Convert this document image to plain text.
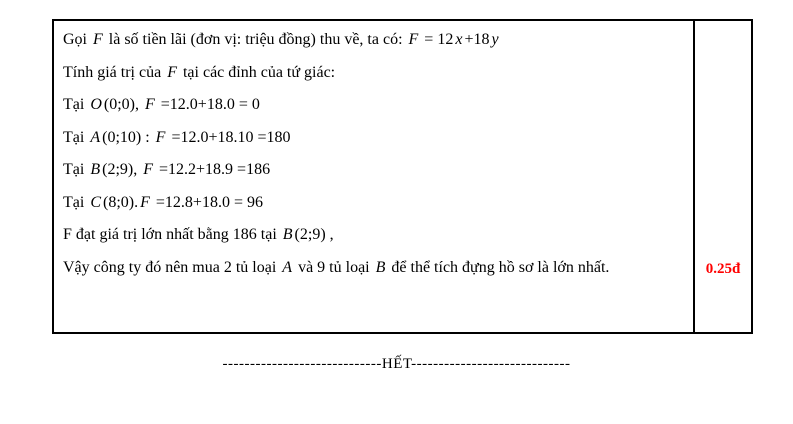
Gọi F là số tiền lãi (đơn vị: triệu đồng) thu về, ta có: F = 12 x +18 y
Tính giá trị của F tại các đỉnh của tứ giác:
Tại O (0;0), F =12.0+18.0 = 0
Tại A (0;10) : F =12.0+18.10 =180
Tại B (2;9), F =12.2+18.9 =186
Tại C (8;0). F =12.8+18.0 = 96
F đạt giá trị lớn nhất bằng 186 tại B (2;9) ,
Vậy công ty đó nên mua 2 tủ loại A và 9 tủ loại B để thể tích đựng hồ sơ là lớn nhất.	0.25đ
-----------------------------HẾT-----------------------------
